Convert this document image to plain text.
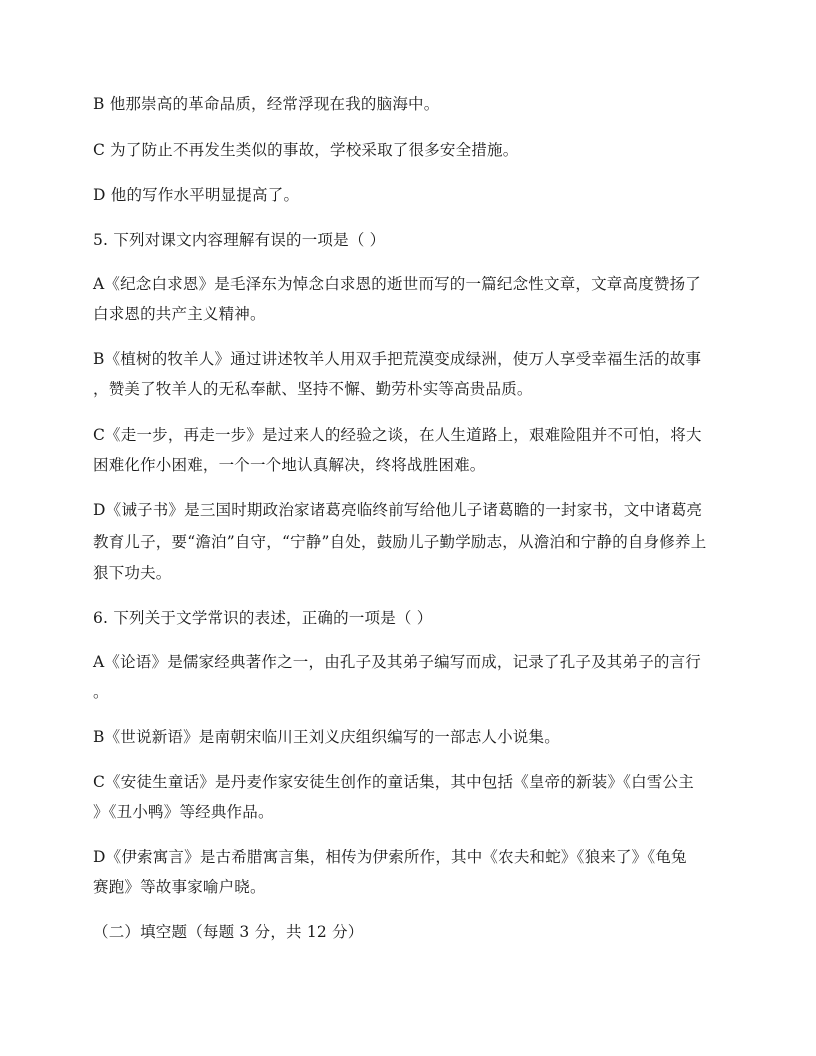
B 他那崇高的革命品质，经常浮现在我的脑海中。
C 为了防止不再发生类似的事故，学校采取了很多安全措施。
D 他的写作水平明显提高了。
5. 下列对课文内容理解有误的一项是（ ）
A《纪念白求恩》是毛泽东为悼念白求恩的逝世而写的一篇纪念性文章，文章高度赞扬了
白求恩的共产主义精神。
B《植树的牧羊人》通过讲述牧羊人用双手把荒漠变成绿洲，使万人享受幸福生活的故事
，赞美了牧羊人的无私奉献、坚持不懈、勤劳朴实等高贵品质。
C《走一步，再走一步》是过来人的经验之谈，在人生道路上，艰难险阻并不可怕，将大
困难化作小困难，一个一个地认真解决，终将战胜困难。
D《诫子书》是三国时期政治家诸葛亮临终前写给他儿子诸葛瞻的一封家书，文中诸葛亮
教育儿子，要“澹泊”自守，“宁静”自处，鼓励儿子勤学励志，从澹泊和宁静的自身修养上
狠下功夫。
6. 下列关于文学常识的表述，正确的一项是（ ）
A《论语》是儒家经典著作之一，由孔子及其弟子编写而成，记录了孔子及其弟子的言行
。
B《世说新语》是南朝宋临川王刘义庆组织编写的一部志人小说集。
C《安徒生童话》是丹麦作家安徒生创作的童话集，其中包括《皇帝的新装》《白雪公主
》《丑小鸭》等经典作品。
D《伊索寓言》是古希腊寓言集，相传为伊索所作，其中《农夫和蛇》《狼来了》《龟兔
赛跑》等故事家喻户晓。
（二）填空题（每题 3 分，共 12 分）
